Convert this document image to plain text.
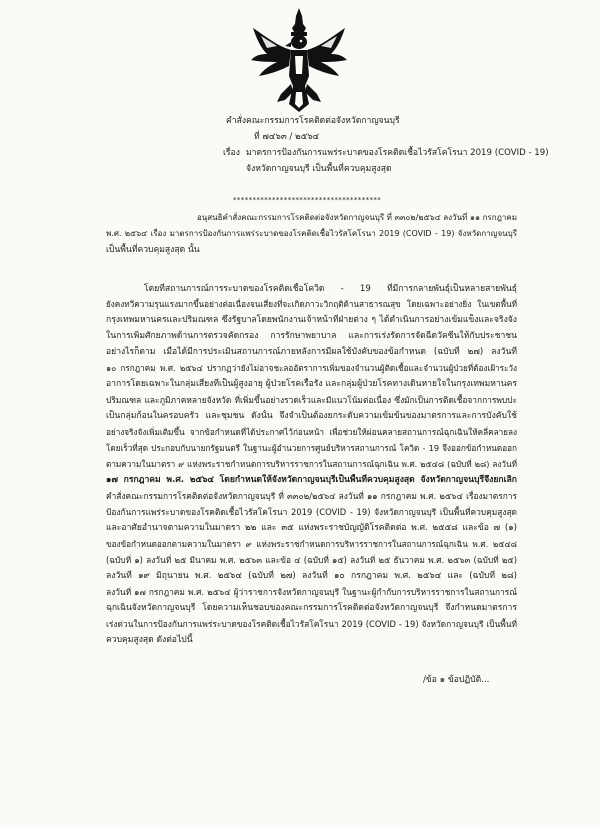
คำสั่งคณะกรรมการโรคติดต่อจังหวัดกาญจนบุรี
ที่ ๗๔๖๓ / ๒๕๖๔
เรื่อง มาตรการป้องกันการแพร่ระบาดของโรคติดเชื้อไวรัสโคโรนา 2019 (COVID - 19)
จังหวัดกาญจนบุรี เป็นพื้นที่ควบคุมสูงสุด
**************************************
อนุสนธิคำสั่งคณะกรรมการโรคติดต่อจังหวัดกาญจนบุรี ที่ ๓๓๐๒/๒๕๖๔ ลงวันที่ ๑๑ กรกฎาคม
พ.ศ. ๒๕๖๔ เรื่อง มาตรการป้องกันการแพร่ระบาดของโรคติดเชื้อไวรัสโคโรนา 2019 (COVID - 19) จังหวัดกาญจนบุรี
เป็นพื้นที่ควบคุมสูงสุด นั้น
โดยที่สถานการณ์การระบาดของโรคติดเชื้อโควิด - 19 ที่มีการกลายพันธุ์เป็นหลายสายพันธุ์
ยังคงทวีความรุนแรงมากขึ้นอย่างต่อเนื่องจนเสี่ยงที่จะเกิดภาวะวิกฤติด้านสาธารณสุข โดยเฉพาะอย่างยิ่ง ในเขตพื้นที่
กรุงเทพมหานครและปริมณฑล ซึ่งรัฐบาลโดยพนักงานเจ้าหน้าที่ฝ่ายต่าง ๆ ได้ดำเนินการอย่างเข้มแข็งและจริงจัง
ในการเพิ่มศักยภาพด้านการตรวจคัดกรอง การรักษาพยาบาล และการเร่งรัดการจัดฉีดวัคซีนให้กับประชาชน
อย่างไรก็ตาม เมื่อได้มีการประเมินสถานการณ์ภายหลังการมีผลใช้บังคับของข้อกำหนด (ฉบับที่ ๒๗) ลงวันที่
๑๐ กรกฎาคม พ.ศ. ๒๕๖๔ ปรากฏว่ายังไม่อาจชะลออัตราการเพิ่มของจำนวนผู้ติดเชื้อและจำนวนผู้ป่วยที่ต้องเฝ้าระวัง
อาการโดยเฉพาะในกลุ่มเสี่ยงที่เป็นผู้สูงอายุ ผู้ป่วยโรคเรื้อรัง และกลุ่มผู้ป่วยโรคทางเดินหายใจในกรุงเทพมหานคร
ปริมณฑล และภูมิภาคหลายจังหวัด ที่เพิ่มขึ้นอย่างรวดเร็วและมีแนวโน้มต่อเนื่อง ซึ่งมักเป็นการติดเชื้อจากการพบปะ
เป็นกลุ่มก้อนในครอบครัว และชุมชน ดังนั้น จึงจำเป็นต้องยกระดับความเข้มข้นของมาตรการและการบังคับใช้
อย่างจริงจังเพิ่มเติมขึ้น จากข้อกำหนดที่ได้ประกาศไว้ก่อนหน้า เพื่อช่วยให้ผ่อนคลายสถานการณ์ฉุกเฉินให้คลี่คลายลง
โดยเร็วที่สุด ประกอบกับนายกรัฐมนตรี ในฐานะผู้อำนวยการศูนย์บริหารสถานการณ์ โควิด - 19 จึงออกข้อกำหนดออก
ตามความในมาตรา ๙ แห่งพระราชกำหนดการบริหารราชการในสถานการณ์ฉุกเฉิน พ.ศ. ๒๕๔๘ (ฉบับที่ ๒๘) ลงวันที่
๑๗ กรกฎาคม พ.ศ. ๒๕๖๔ โดยกำหนดให้จังหวัดกาญจนบุรีเป็นพื้นที่ควบคุมสูงสุด จังหวัดกาญจนบุรีจึงยกเลิก
คำสั่งคณะกรรมการโรคติดต่อจังหวัดกาญจนบุรี ที่ ๓๓๐๒/๒๕๖๔ ลงวันที่ ๑๑ กรกฎาคม พ.ศ. ๒๕๖๔ เรื่องมาตรการ
ป้องกันการแพร่ระบาดของโรคติดเชื้อไวรัสโคโรนา 2019 (COVID - 19) จังหวัดกาญจนบุรี เป็นพื้นที่ควบคุมสูงสุด
และอาศัยอำนาจตามความในมาตรา ๒๒ และ ๓๕ แห่งพระราชบัญญัติโรคติดต่อ พ.ศ. ๒๕๕๘ และข้อ ๗ (๑)
ของข้อกำหนดออกตามความในมาตรา ๙ แห่งพระราชกำหนดการบริหารราชการในสถานการณ์ฉุกเฉิน พ.ศ. ๒๕๔๘
(ฉบับที่ ๑) ลงวันที่ ๒๕ มีนาคม พ.ศ. ๒๕๖๓ และข้อ ๔ (ฉบับที่ ๑๕) ลงวันที่ ๒๕ ธันวาคม พ.ศ. ๒๕๖๓ (ฉบับที่ ๒๕)
ลงวันที่ ๑๙ มิถุนายน พ.ศ. ๒๕๖๔ (ฉบับที่ ๒๗) ลงวันที่ ๑๐ กรกฎาคม พ.ศ. ๒๕๖๔ และ (ฉบับที่ ๒๘)
ลงวันที่ ๑๗ กรกฎาคม พ.ศ. ๒๕๖๔ ผู้ว่าราชการจังหวัดกาญจนบุรี ในฐานะผู้กำกับการบริหารราชการในสถานการณ์
ฉุกเฉินจังหวัดกาญจนบุรี โดยความเห็นชอบของคณะกรรมการโรคติดต่อจังหวัดกาญจนบุรี จึงกำหนดมาตรการ
เร่งด่วนในการป้องกันการแพร่ระบาดของโรคติดเชื้อไวรัสโคโรนา 2019 (COVID - 19) จังหวัดกาญจนบุรี เป็นพื้นที่
ควบคุมสูงสุด ดังต่อไปนี้
/ข้อ ๑ ข้อปฏิบัติ...
